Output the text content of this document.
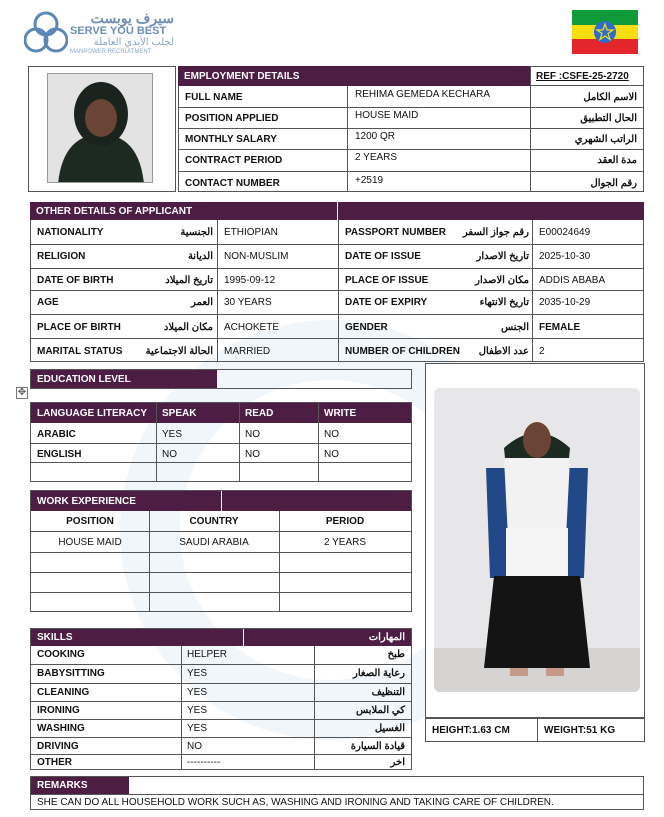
سيرف يوبست
SERVE YOU BEST
لجلب الأيدي العاملة
MANPOWER RECRUITMENT
EMPLOYMENT DETAILS	REF :CSFE-25-2720
FULL NAME	REHIMA GEMEDA KECHARA	الاسم الكامل
POSITION APPLIED	HOUSE MAID	الحال التطبيق
MONTHLY SALARY	1200 QR	الراتب الشهري
CONTRACT PERIOD	2 YEARS	مدة العقد
CONTACT NUMBER	+2519	رقم الجوال
OTHER DETAILS OF APPLICANT
NATIONALITY	الجنسية ETHIOPIAN	PASSPORT NUMBER	رقم جواز السفر E00024649
RELIGION	الديانة NON-MUSLIM	DATE OF ISSUE	تاريخ الاصدار 2025-10-30
DATE OF BIRTH	تاريخ الميلاد 1995-09-12	PLACE OF ISSUE	مكان الاصدار ADDIS ABABA
AGE	العمر 30 YEARS	DATE OF EXPIRY	تاريخ الانتهاء 2035-10-29
PLACE OF BIRTH	مكان الميلاد ACHOKETE	GENDER	الجنس FEMALE
MARITAL STATUS	الحالة الاجتماعية MARRIED	NUMBER OF CHILDREN	عدد الاطفال 2
✥
EDUCATION LEVEL
LANGUAGE LITERACY SPEAK	READ	WRITE
ARABIC	YES	NO	NO
ENGLISH	NO	NO	NO
WORK EXPERIENCE
POSITION	COUNTRY	PERIOD
HOUSE MAID	SAUDI ARABIA	2 YEARS
SKILLS	المهارات
COOKING	HELPER	طبخ
BABYSITTING	YES	رعاية الصغار
CLEANING	YES	التنظيف
IRONING	YES	كي الملابس
WASHING	YES	الغسيل
DRIVING	NO	قيادة السيارة
OTHER	----------	اخر
HEIGHT:1.63 CM	WEIGHT:51 KG
REMARKS
SHE CAN DO ALL HOUSEHOLD WORK SUCH AS, WASHING AND IRONING AND TAKING CARE OF CHILDREN.
